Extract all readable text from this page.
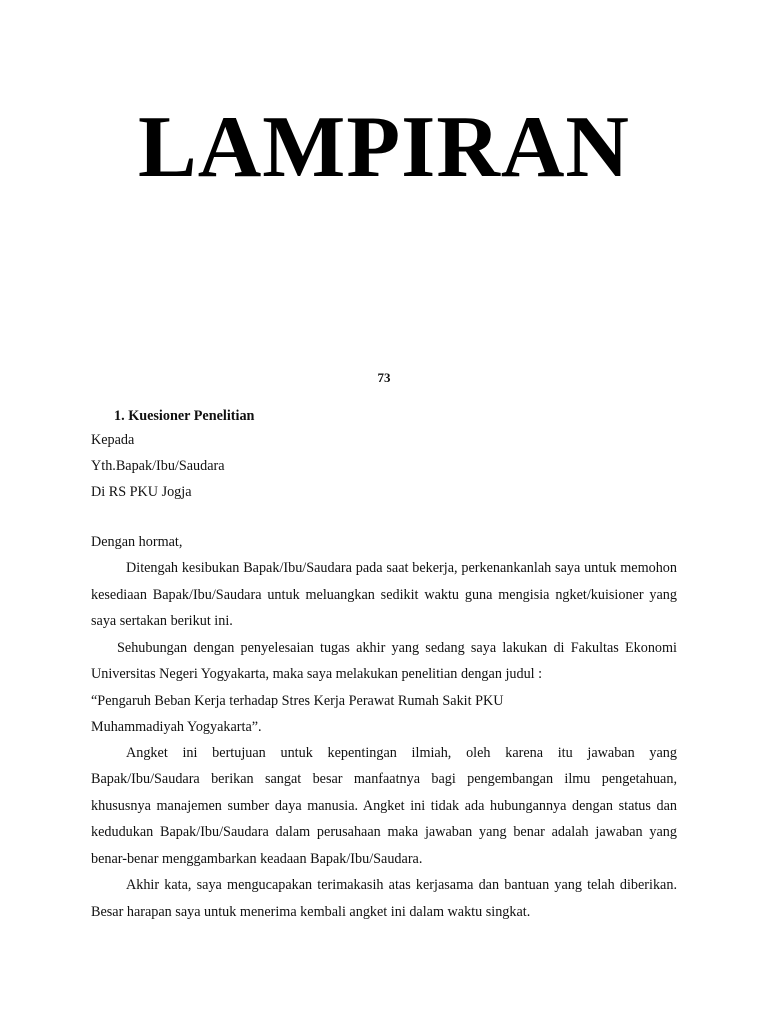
LAMPIRAN
73
1. Kuesioner Penelitian
Kepada
Yth.Bapak/Ibu/Saudara
Di RS PKU Jogja
Dengan hormat,

Ditengah kesibukan Bapak/Ibu/Saudara pada saat bekerja, perkenankanlah saya untuk memohon kesediaan Bapak/Ibu/Saudara untuk meluangkan sedikit waktu guna mengisia ngket/kuisioner yang saya sertakan berikut ini.

Sehubungan dengan penyelesaian tugas akhir yang sedang saya lakukan di Fakultas Ekonomi Universitas Negeri Yogyakarta, maka saya melakukan penelitian dengan judul :

“Pengaruh Beban Kerja terhadap Stres Kerja Perawat Rumah Sakit PKU
Muhammadiyah Yogyakarta”.

Angket ini bertujuan untuk kepentingan ilmiah, oleh karena itu jawaban yang Bapak/Ibu/Saudara berikan sangat besar manfaatnya bagi pengembangan ilmu pengetahuan, khususnya manajemen sumber daya manusia. Angket ini tidak ada hubungannya dengan status dan kedudukan Bapak/Ibu/Saudara dalam perusahaan maka jawaban yang benar adalah jawaban yang benar-benar menggambarkan keadaan Bapak/Ibu/Saudara.

Akhir kata, saya mengucapakan terimakasih atas kerjasama dan bantuan yang telah diberikan. Besar harapan saya untuk menerima kembali angket ini dalam waktu singkat.
